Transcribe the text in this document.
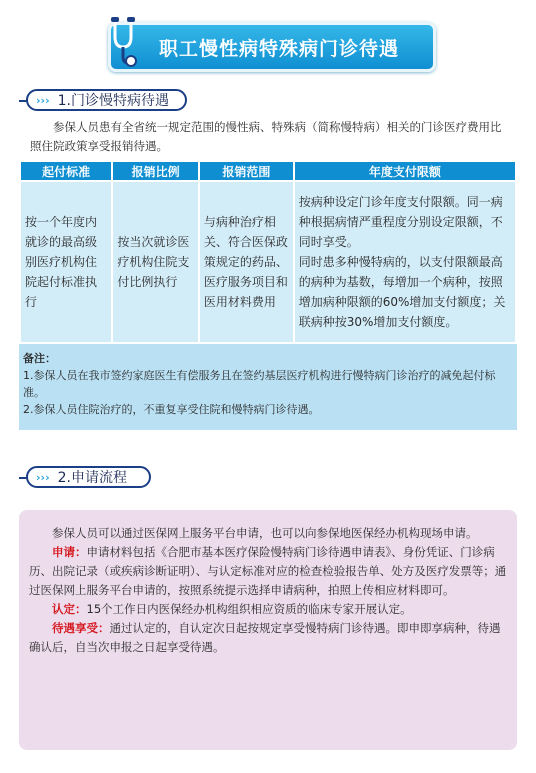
职工慢性病特殊病门诊待遇
››› 1.门诊慢特病待遇
参保人员患有全省统一规定范围的慢性病、特殊病（简称慢特病）相关的门诊医疗费用比照住院政策享受报销待遇。
起付标准	报销比例	报销范围	年度支付限额
按一个年度内就诊的最高级别医疗机构住院起付标准执行	按当次就诊医疗机构住院支付比例执行	与病种治疗相关、符合医保政策规定的药品、医疗服务项目和医用材料费用	按病种设定门诊年度支付限额。同一病种根据病情严重程度分别设定限额，不同时享受。
同时患多种慢特病的，以支付限额最高的病种为基数，每增加一个病种，按照增加病种限额的60%增加支付额度；关联病种按30%增加支付额度。
备注：
1.参保人员在我市签约家庭医生有偿服务且在签约基层医疗机构进行慢特病门诊治疗的减免起付标准。
2.参保人员住院治疗的，不重复享受住院和慢特病门诊待遇。
››› 2.申请流程

参保人员可以通过医保网上服务平台申请，也可以向参保地医保经办机构现场申请。

申请：申请材料包括《合肥市基本医疗保险慢特病门诊待遇申请表》、身份凭证、门诊病历、出院记录（或疾病诊断证明）、与认定标准对应的检查检验报告单、处方及医疗发票等；通过医保网上服务平台申请的，按照系统提示选择申请病种，拍照上传相应材料即可。

认定：15个工作日内医保经办机构组织相应资质的临床专家开展认定。

待遇享受：通过认定的，自认定次日起按规定享受慢特病门诊待遇。即申即享病种，待遇确认后，自当次申报之日起享受待遇。
